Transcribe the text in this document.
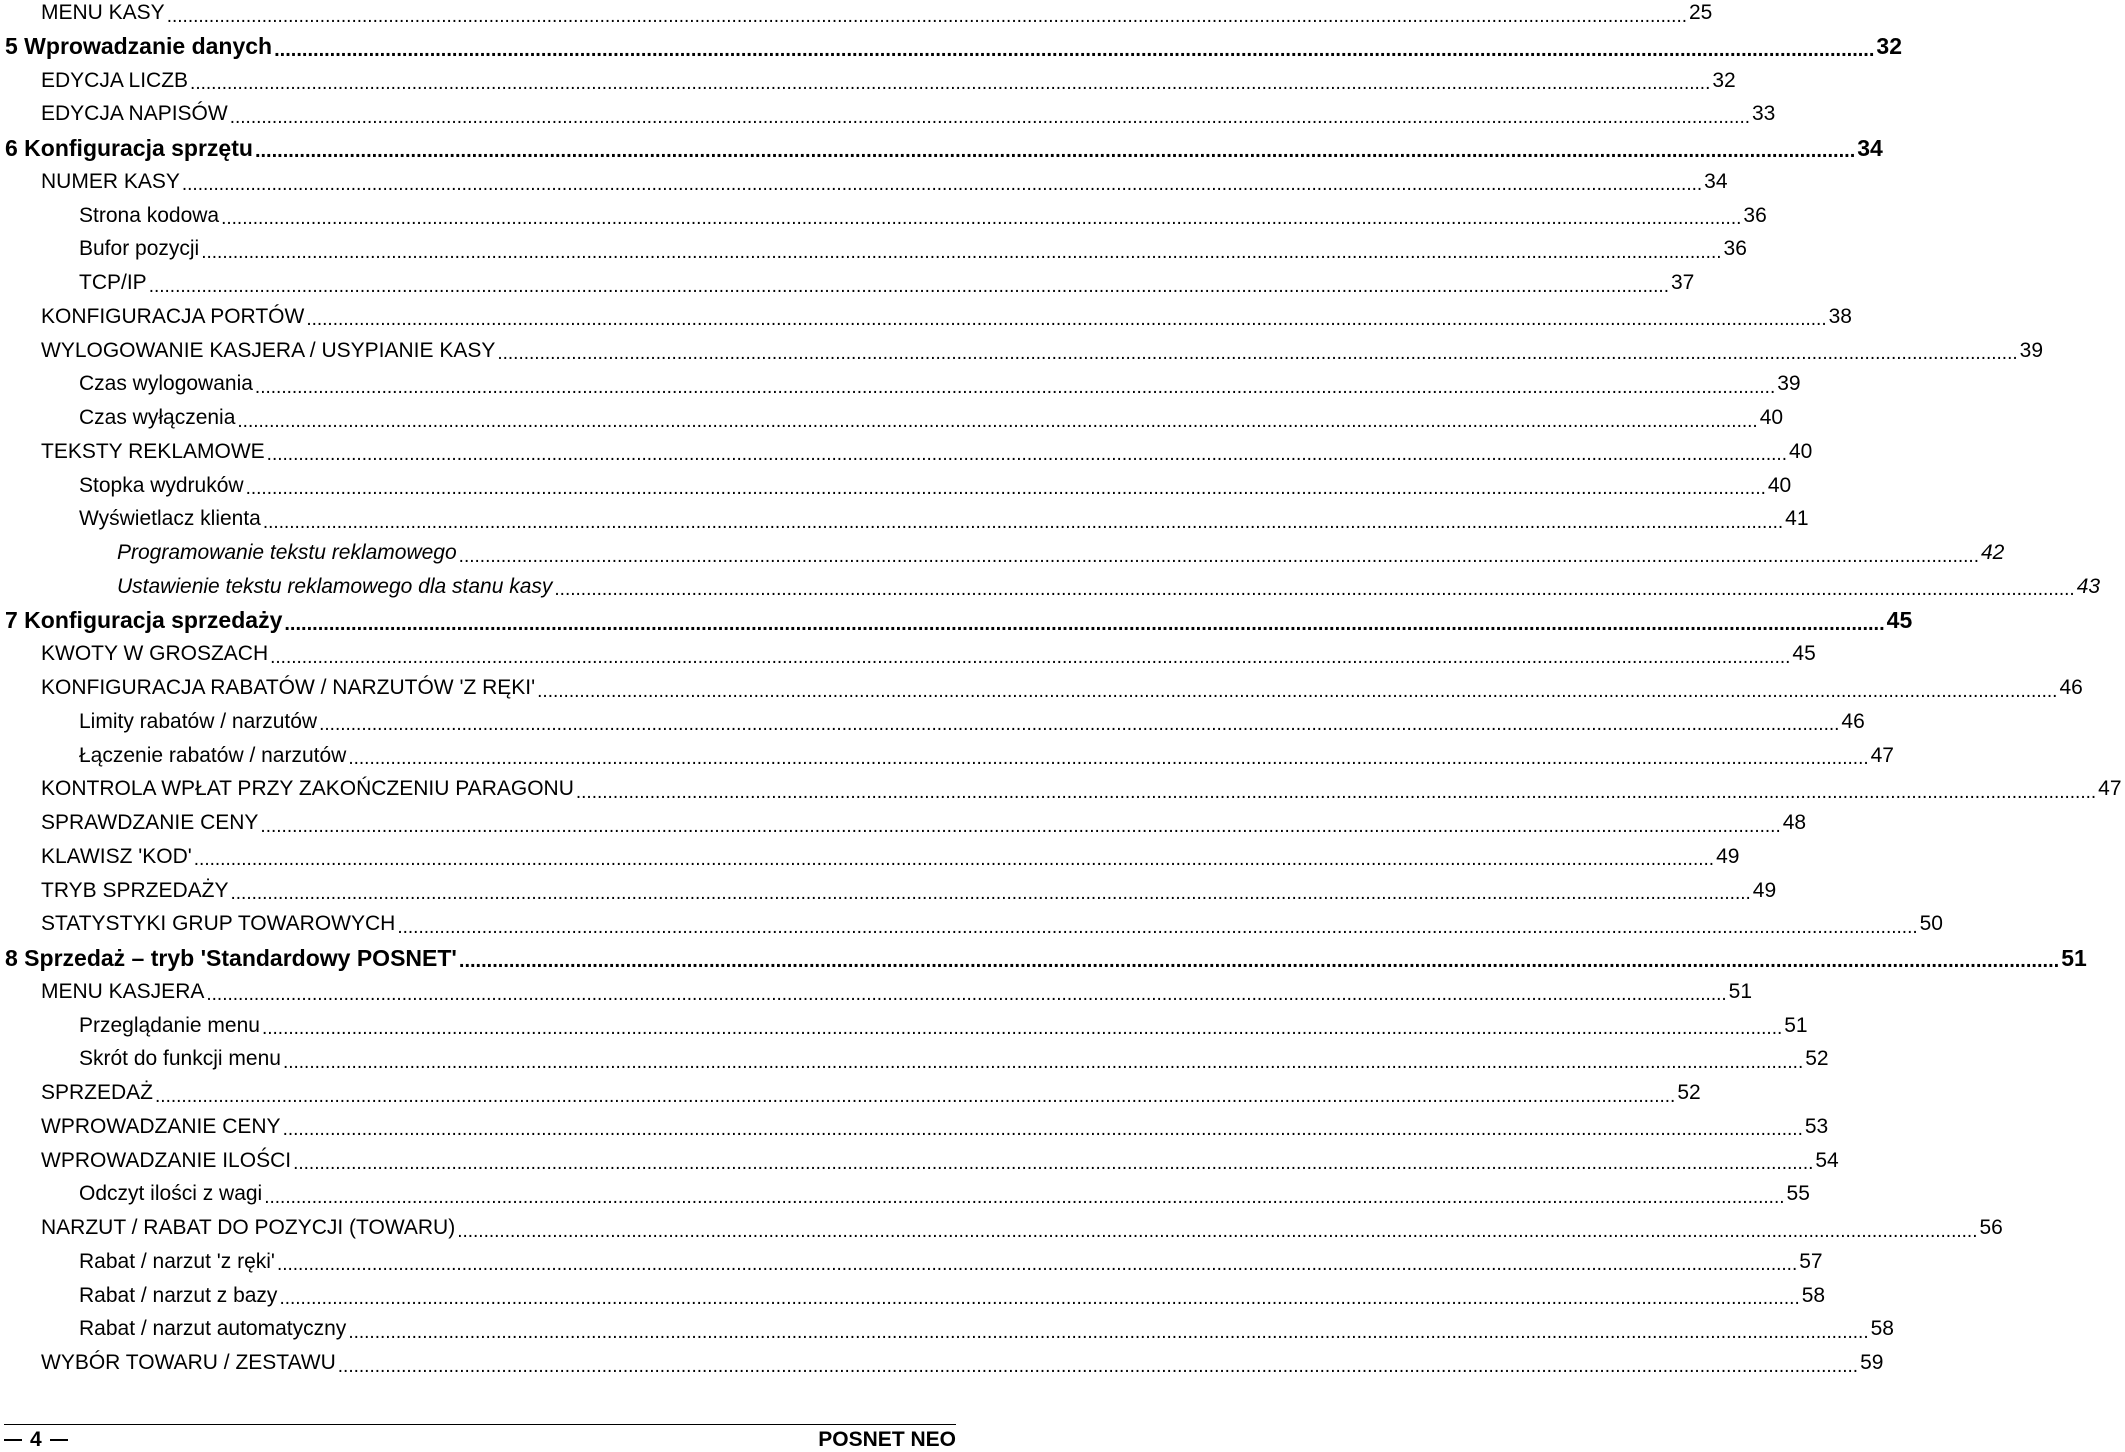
MENU KASY .....	25
5 Wprowadzanie danych .....	32
EDYCJA LICZB .....	32
EDYCJA NAPISÓW .....	33
6 Konfiguracja sprzętu .....	34
NUMER KASY .....	34
Strona kodowa .....	36
Bufor pozycji .....	36
TCP/IP .....	37
KONFIGURACJA PORTÓW .....	38
WYLOGOWANIE KASJERA / USYPIANIE KASY .....	39
Czas wylogowania .....	39
Czas wyłączenia .....	40
TEKSTY REKLAMOWE .....	40
Stopka wydruków .....	40
Wyświetlacz klienta .....	41
Programowanie tekstu reklamowego .....	42
Ustawienie tekstu reklamowego dla stanu kasy .....	43
7 Konfiguracja sprzedaży .....	45
KWOTY W GROSZACH .....	45
KONFIGURACJA RABATÓW / NARZUTÓW 'Z RĘKI' .....	46
Limity rabatów / narzutów .....	46
Łączenie rabatów / narzutów .....	47
KONTROLA WPŁAT PRZY ZAKOŃCZENIU PARAGONU .....	47
SPRAWDZANIE CENY .....	48
KLAWISZ 'KOD' .....	49
TRYB SPRZEDAŻY .....	49
STATYSTYKI GRUP TOWAROWYCH .....	50
8 Sprzedaż – tryb 'Standardowy POSNET' .....	51
MENU KASJERA .....	51
Przeglądanie menu .....	51
Skrót do funkcji menu .....	52
SPRZEDAŻ .....	52
WPROWADZANIE CENY .....	53
WPROWADZANIE ILOŚCI .....	54
Odczyt ilości z wagi .....	55
NARZUT / RABAT DO POZYCJI (TOWARU) .....	56
Rabat / narzut 'z ręki' .....	57
Rabat / narzut z bazy .....	58
Rabat / narzut automatyczny .....	58
WYBÓR TOWARU / ZESTAWU .....	59
4	POSNET NEO
